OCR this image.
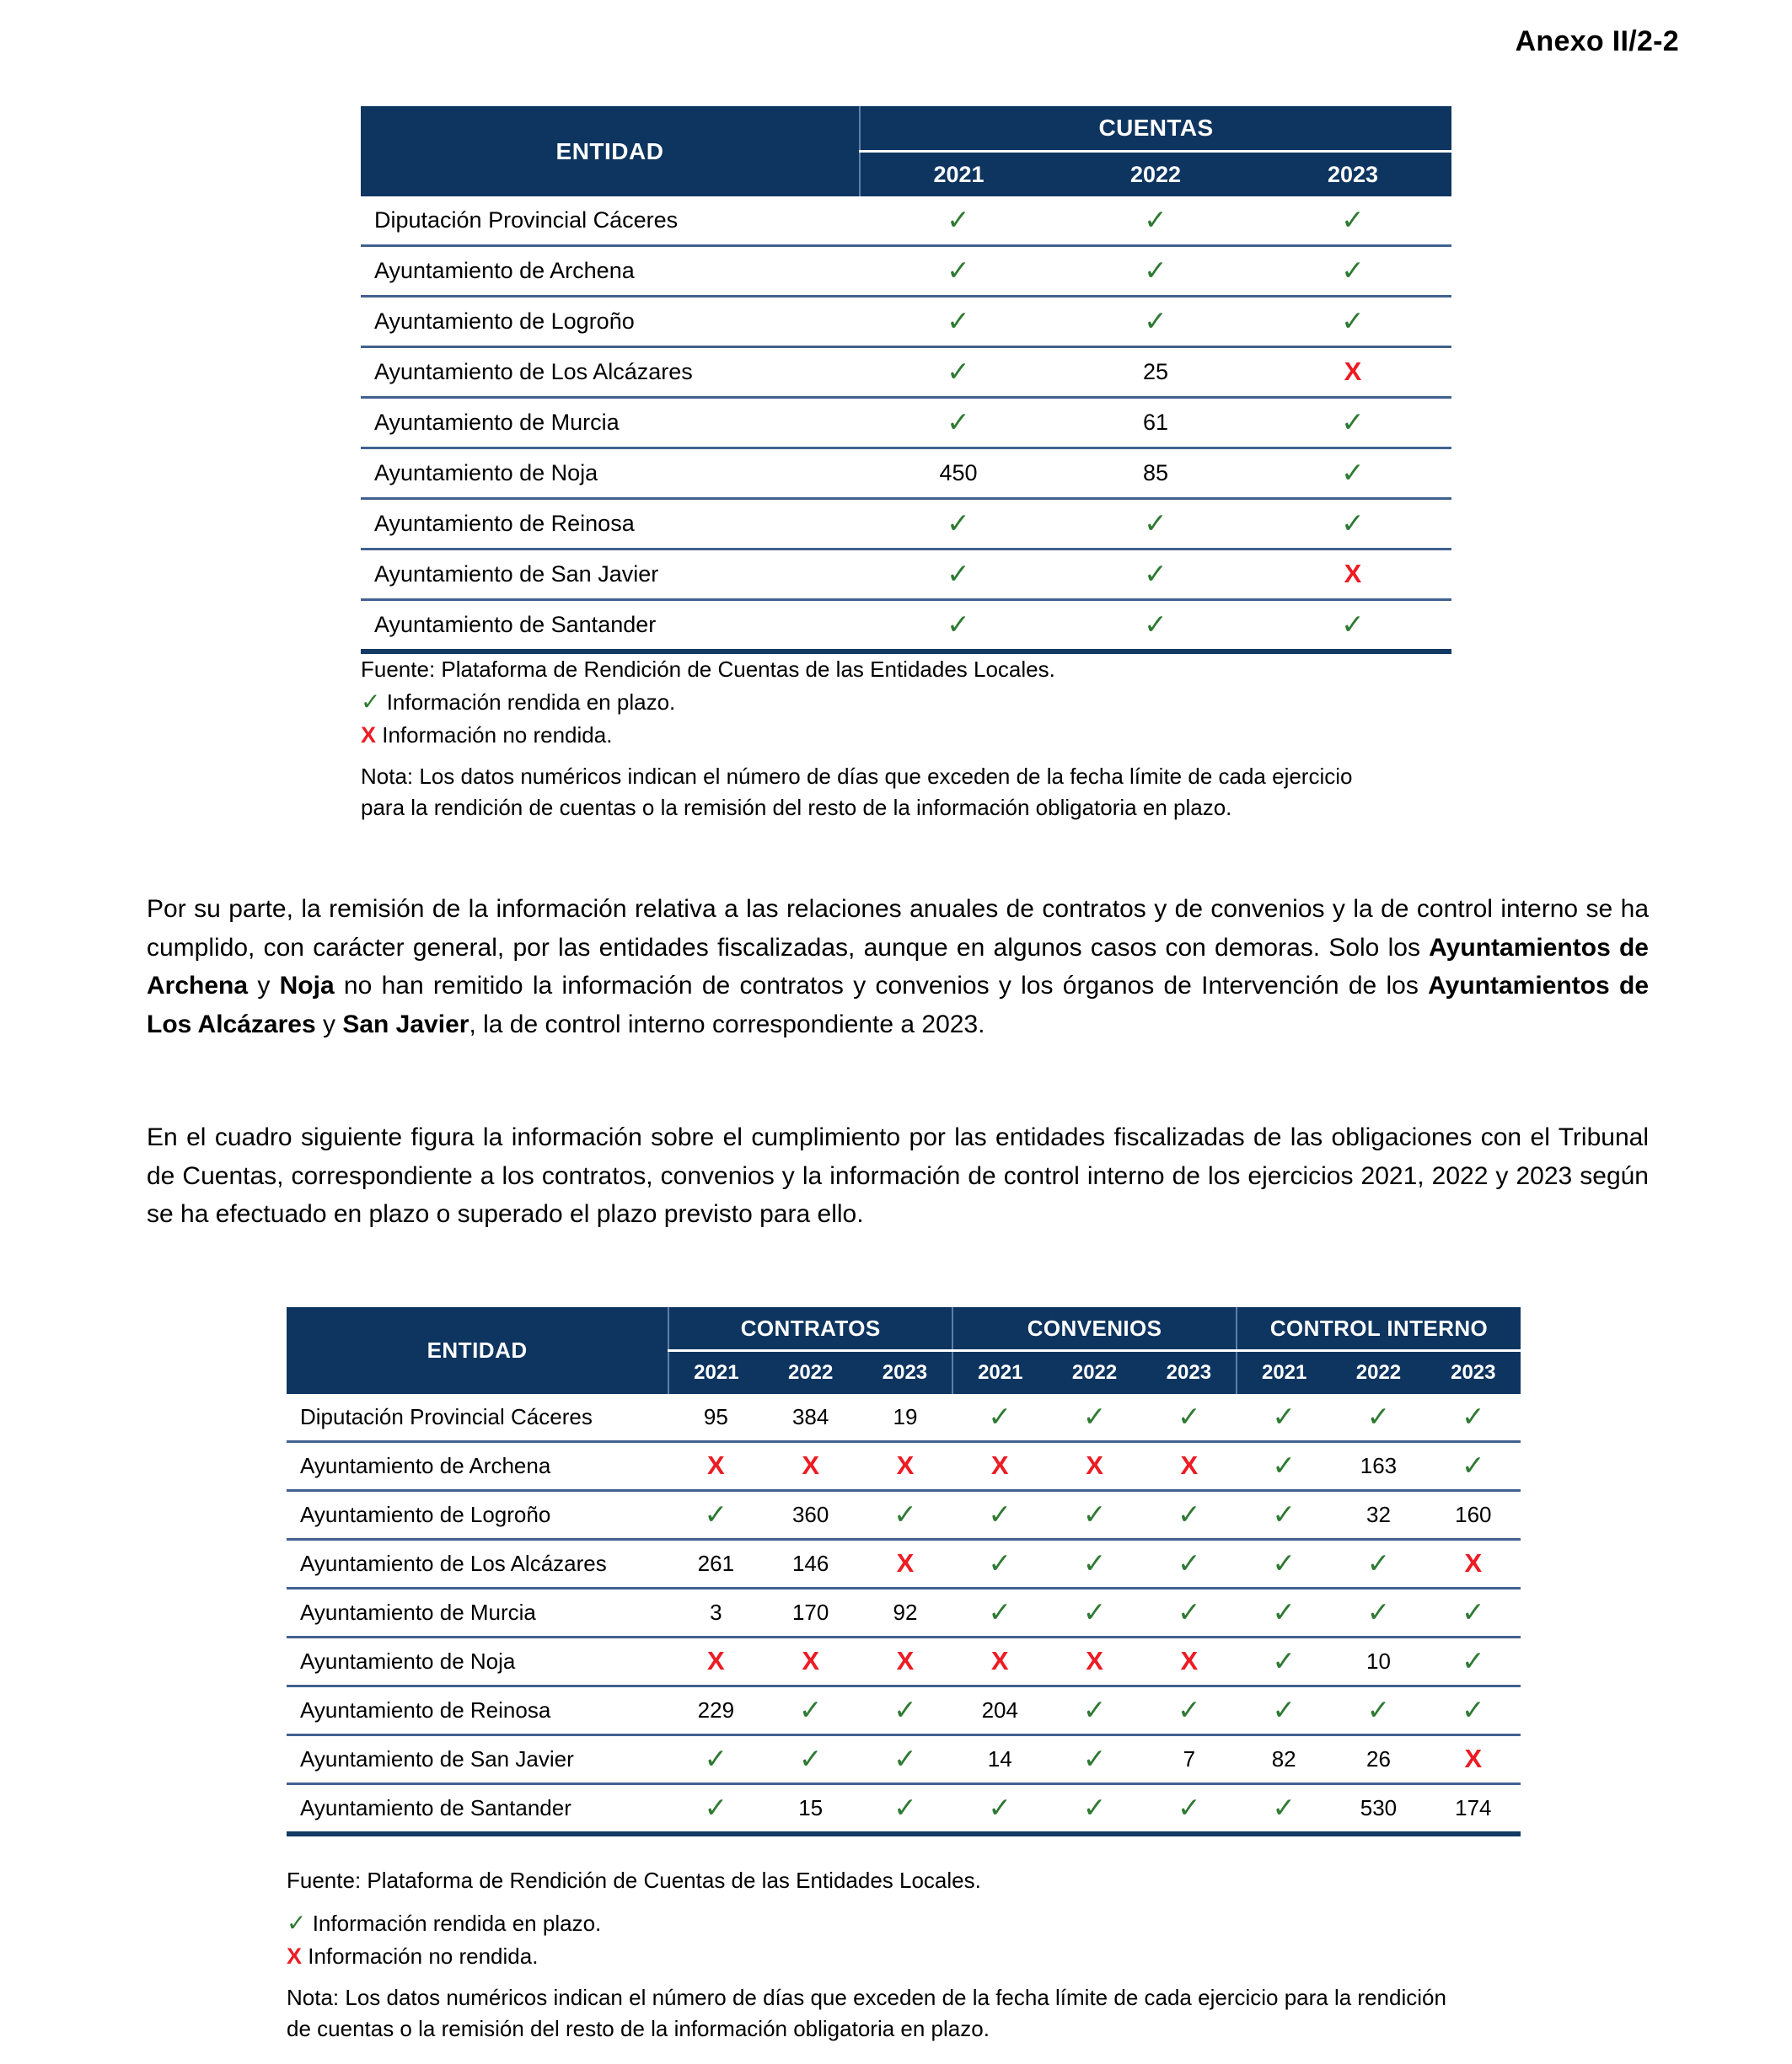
Anexo II/2-2
ENTIDAD	CUENTAS		
	2021	2022	2023
Diputación Provincial Cáceres	✓	✓	✓
Ayuntamiento de Archena	✓	✓	✓
Ayuntamiento de Logroño	✓	✓	✓
Ayuntamiento de Los Alcázares	✓	25	X
Ayuntamiento de Murcia	✓	61	✓
Ayuntamiento de Noja	450	85	✓
Ayuntamiento de Reinosa	✓	✓	✓
Ayuntamiento de San Javier	✓	✓	X
Ayuntamiento de Santander	✓	✓	✓
Fuente: Plataforma de Rendición de Cuentas de las Entidades Locales.
✓ Información rendida en plazo.
X Información no rendida.
Nota: Los datos numéricos indican el número de días que exceden de la fecha límite de cada ejercicio
para la rendición de cuentas o la remisión del resto de la información obligatoria en plazo.

Por su parte, la remisión de la información relativa a las relaciones anuales de contratos y de convenios y la de control interno se ha cumplido, con carácter general, por las entidades fiscalizadas, aunque en algunos casos con demoras. Solo los Ayuntamientos de Archena y Noja no han remitido la información de contratos y convenios y los órganos de Intervención de los Ayuntamientos de Los Alcázares y San Javier, la de control interno correspondiente a 2023.

En el cuadro siguiente figura la información sobre el cumplimiento por las entidades fiscalizadas de las obligaciones con el Tribunal de Cuentas, correspondiente a los contratos, convenios y la información de control interno de los ejercicios 2021, 2022 y 2023 según se ha efectuado en plazo o superado el plazo previsto para ello.

ENTIDAD	CONTRATOS			CONVENIOS			CONTROL INTERNO		
	2021	2022	2023	2021	2022	2023	2021	2022	2023
Diputación Provincial Cáceres	95	384	19	✓	✓	✓	✓	✓	✓
Ayuntamiento de Archena	X	X	X	X	X	X	✓	163	✓
Ayuntamiento de Logroño	✓	360	✓	✓	✓	✓	✓	32	160
Ayuntamiento de Los Alcázares	261	146	X	✓	✓	✓	✓	✓	X
Ayuntamiento de Murcia	3	170	92	✓	✓	✓	✓	✓	✓
Ayuntamiento de Noja	X	X	X	X	X	X	✓	10	✓
Ayuntamiento de Reinosa	229	✓	✓	204	✓	✓	✓	✓	✓
Ayuntamiento de San Javier	✓	✓	✓	14	✓	7	82	26	X
Ayuntamiento de Santander	✓	15	✓	✓	✓	✓	✓	530	174
Fuente: Plataforma de Rendición de Cuentas de las Entidades Locales.
✓ Información rendida en plazo.
X Información no rendida.
Nota: Los datos numéricos indican el número de días que exceden de la fecha límite de cada ejercicio para la rendición
de cuentas o la remisión del resto de la información obligatoria en plazo.
